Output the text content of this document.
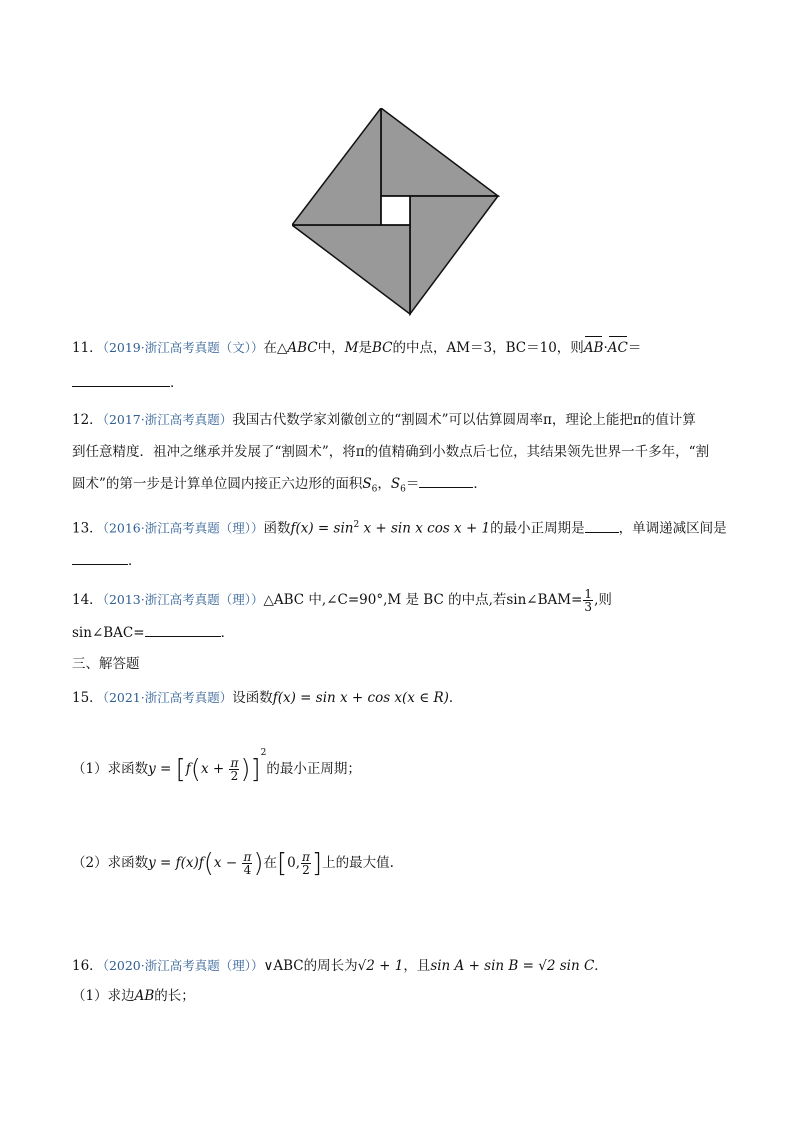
11．（2019·浙江高考真题（文））在△ABC中，M是BC的中点，AM＝3，BC＝10，则AB·AC＝
．
12．（2017·浙江高考真题）我国古代数学家刘徽创立的“割圆术”可以估算圆周率π，理论上能把π的值计算
到任意精度．祖冲之继承并发展了“割圆术”，将π的值精确到小数点后七位，其结果领先世界一千多年，“割
圆术”的第一步是计算单位圆内接正六边形的面积$S_6$，$S_6=$	．
13．（2016·浙江高考真题（理））函数$f(x) = \sin^2 x + \sin x$ cos x + 1的最小正周期是	，单调递减区间是
．
14．（2013·浙江高考真题（理））△ABC 中,∠C=90°,M 是 BC 的中点,若sin∠BAM= $\frac{1}{3}$ ,则
sin∠BAC=	．
三、解答题
15．（2021·浙江高考真题）设函数f(x) = sin x + cos x(x ∈ R)．
（1）求函数$y = [f(x + \frac{\pi}{2} )]^2$的最小正周期；
（2）求函数$y = f(x)f(x - \frac{\pi}{4}$ )在[0, $\frac{\pi}{2}$ ]上的最大值.
16．（2020·浙江高考真题（理））∨ABC的周长为√2 + 1，且sin A + sin B = √2 sin C．
（1）求边AB的长；
